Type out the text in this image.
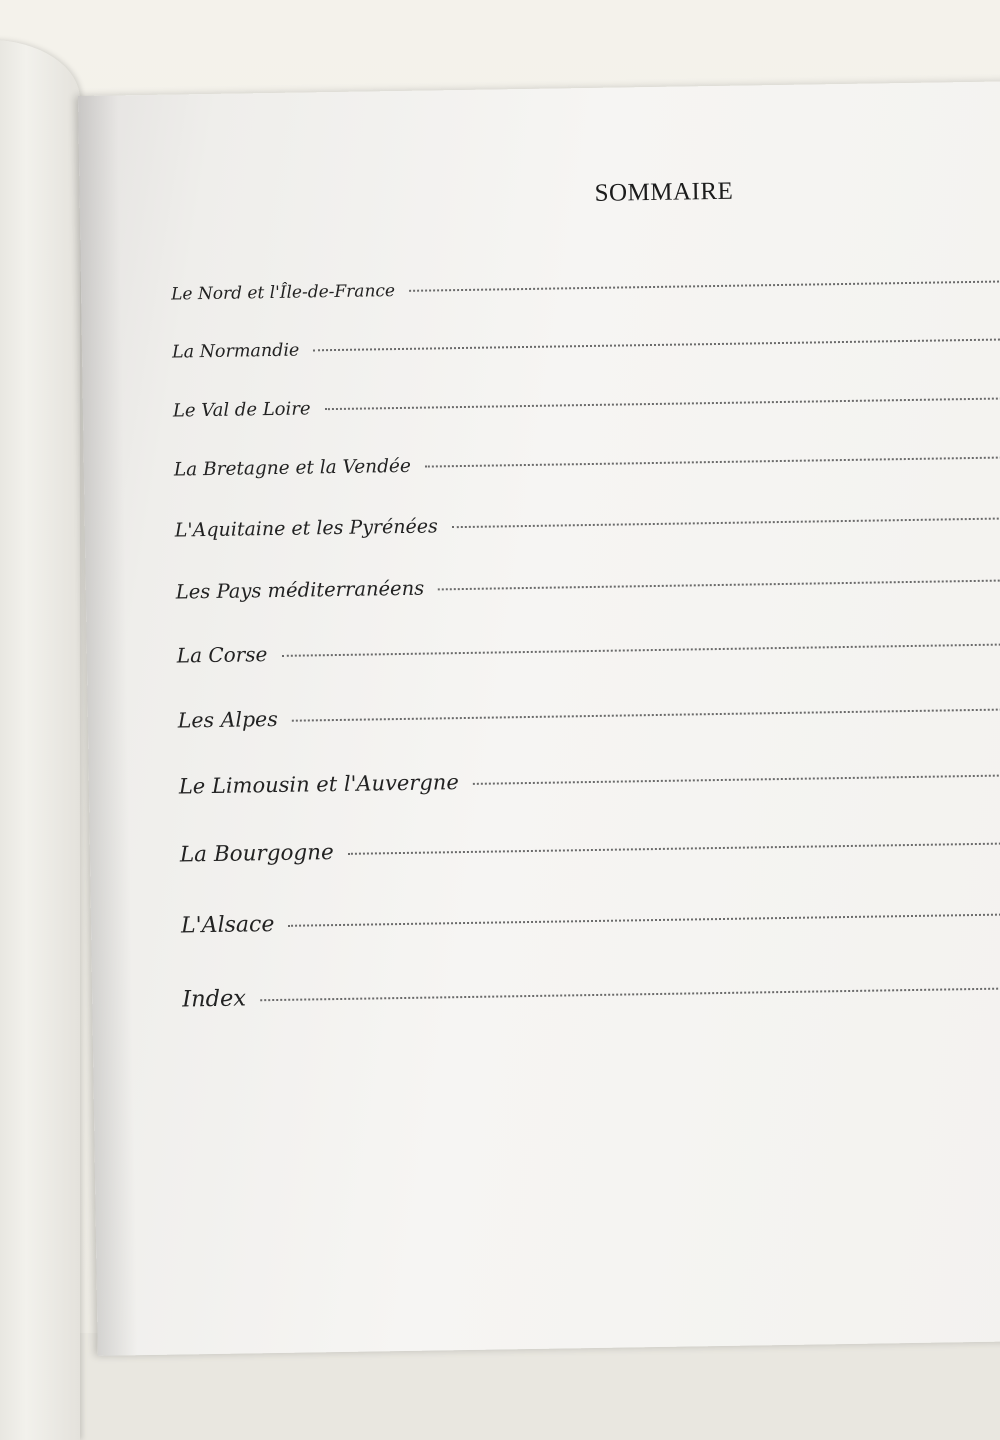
SOMMAIRE
Le Nord et l'Île-de-France
La Normandie
Le Val de Loire
La Bretagne et la Vendée
L'Aquitaine et les Pyrénées
Les Pays méditerranéens
La Corse
Les Alpes
Le Limousin et l'Auvergne
La Bourgogne
L'Alsace
Index
